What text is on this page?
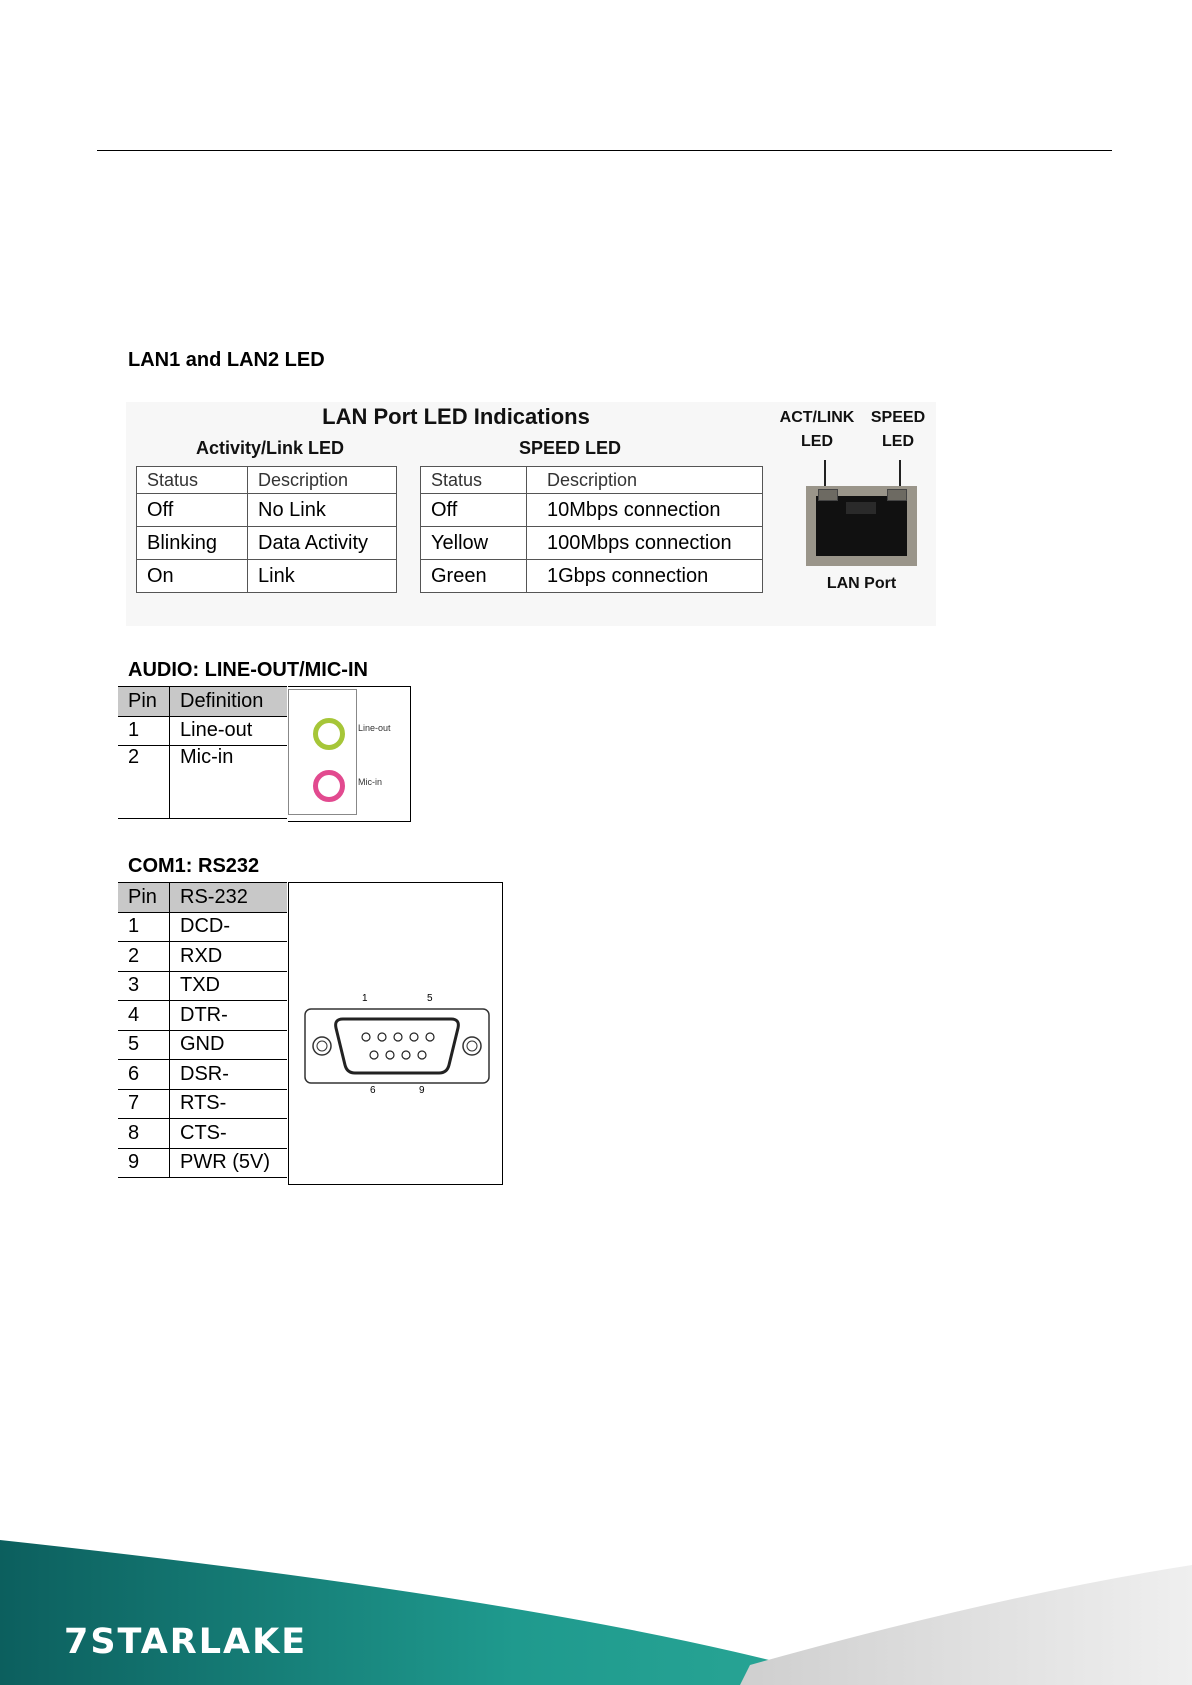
LAN1 and LAN2 LED
LAN Port LED Indications
Activity/Link LED	SPEED LED
Status	Description
Off	No Link
Blinking	Data Activity
On	Link
Status	Description
Off	10Mbps connection
Yellow	100Mbps connection
Green	1Gbps connection
ACT/LINK
LED
SPEED
LED
LAN Port
AUDIO: LINE-OUT/MIC-IN
Pin	Definition
1	Line-out
2	Mic-in
Line-out
Mic-in
COM1: RS232
Pin	RS-232
1	DCD-
2	RXD
3	TXD
4	DTR-
5	GND
6	DSR-
7	RTS-
8	CTS-
9	PWR (5V)
1	5
6	9
7STARLAKE
